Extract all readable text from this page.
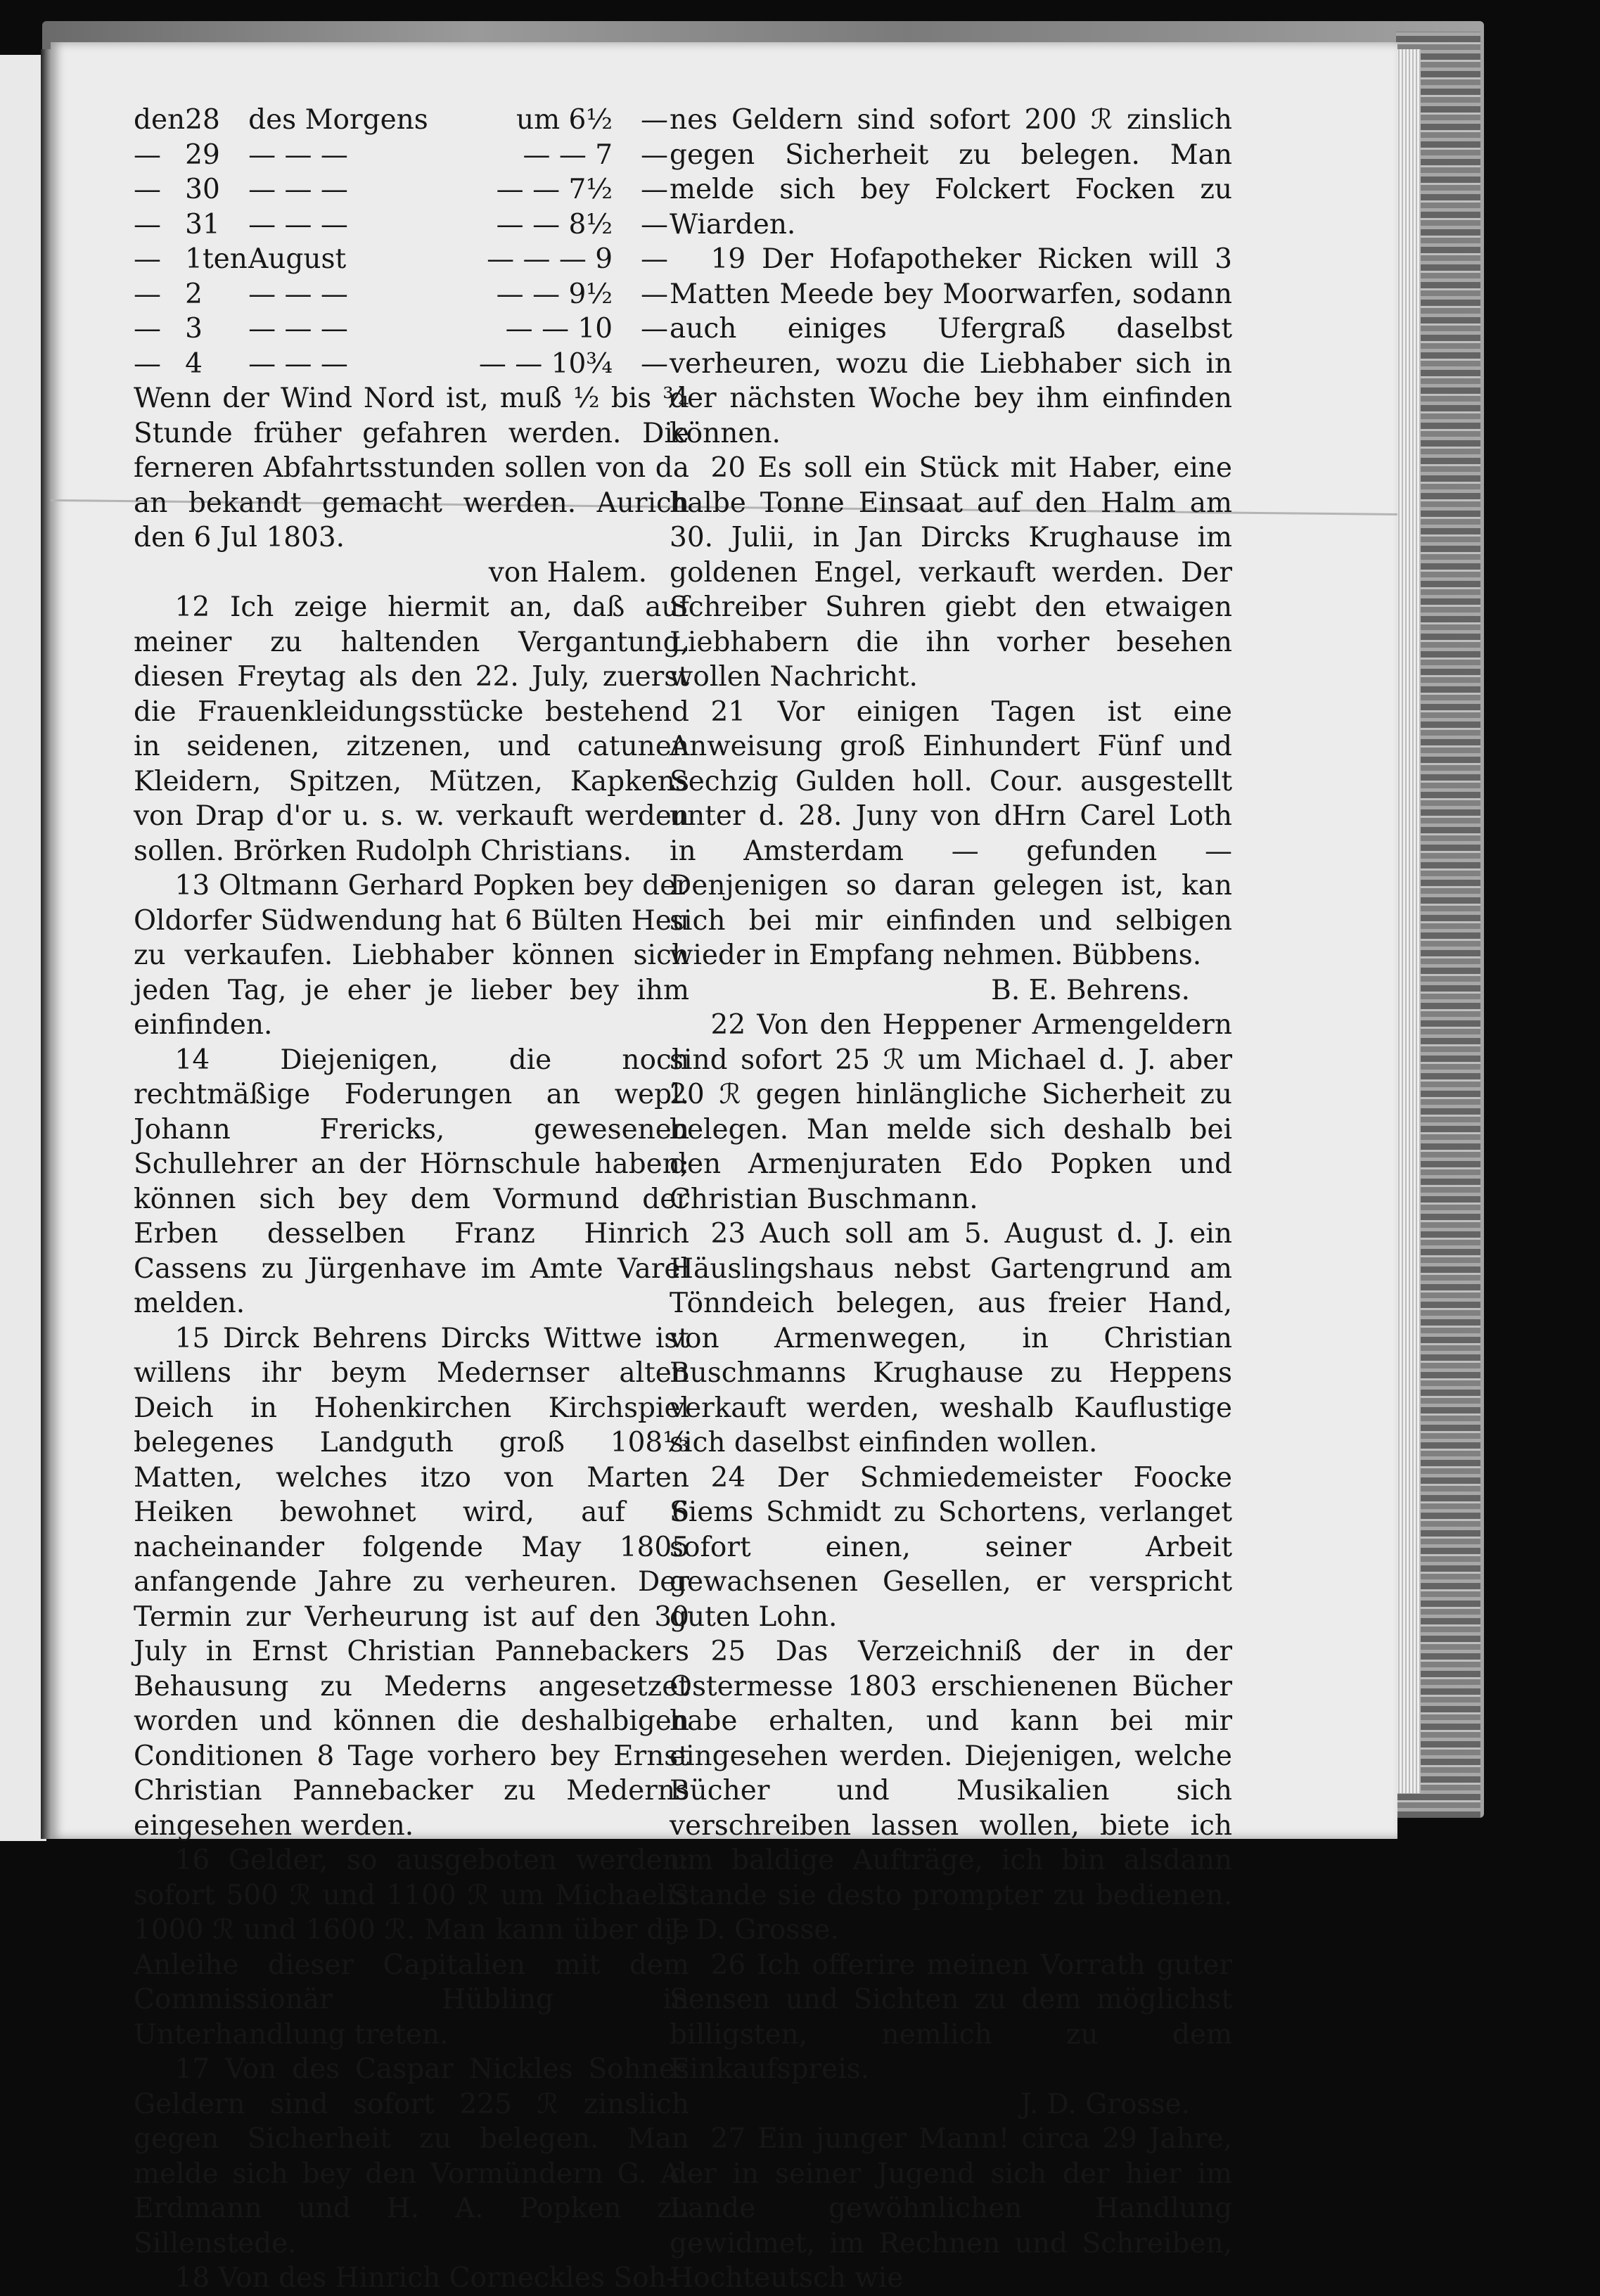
den	28	des Morgens	um 6½	—
—	29	— — —	— — 7	—
—	30	— — —	— — 7½	—
—	31	— — —	— — 8½	—
—	1ten	August	— — — 9	—
—	2	— — —	— — 9½	—
—	3	— — —	— — 10	—
—	4	— — —	— — 10¾	—

Wenn der Wind Nord ist, muß ½ bis ¾ Stunde früher gefahren werden. Die ferneren Abfahrtsstunden sollen von da an bekandt gemacht werden. Aurich den 6 Jul 1803.

von Halem.

12 Ich zeige hiermit an, daß auf meiner zu haltenden Vergantung, diesen Freytag als den 22. July, zuerst die Frauenkleidungsstücke bestehend in seidenen, zitzenen, und catunen Kleidern, Spitzen, Mützen, Kapkens von Drap d'or u. s. w. verkauft werden sollen. Brörken Rudolph Christians.

13 Oltmann Gerhard Popken bey der Oldorfer Südwendung hat 6 Bülten Heu zu verkaufen. Liebhaber können sich jeden Tag, je eher je lieber bey ihm einfinden.

14 Diejenigen, die noch rechtmäßige Foderungen an wepl. Johann Frericks, gewesenen Schullehrer an der Hörnschule haben; können sich bey dem Vormund der Erben desselben Franz Hinrich Cassens zu Jürgenhave im Amte Varel melden.

15 Dirck Behrens Dircks Wittwe ist willens ihr beym Medernser alten Deich in Hohenkirchen Kirchspiel belegenes Landguth groß 108⅓ Matten, welches itzo von Marten Heiken bewohnet wird, auf 6 nacheinander folgende May 1805 anfangende Jahre zu verheuren. Der Termin zur Verheurung ist auf den 30 July in Ernst Christian Pannebackers Behausung zu Mederns angesetzet worden und können die deshalbigen Conditionen 8 Tage vorhero bey Ernst Christian Pannebacker zu Mederns eingesehen werden.

16 Gelder, so ausgeboten werden: sofort 500 ℛ und 1100 ℛ um Michaelis 1000 ℛ und 1600 ℛ. Man kann über die Anleihe dieser Capitalien mit dem Commissionär Hübling in Unterhandlung treten.

17 Von des Caspar Nickles Sohnes Geldern sind sofort 225 ℛ zinslich gegen Sicherheit zu belegen. Man melde sich bey den Vormündern G. A. Erdmann und H. A. Popken zu Sillenstede.

18 Von des Hinrich Corneckles Soh-

nes Geldern sind sofort 200 ℛ zinslich gegen Sicherheit zu belegen. Man melde sich bey Folckert Focken zu Wiarden.

19 Der Hofapotheker Ricken will 3 Matten Meede bey Moorwarfen, sodann auch einiges Ufergraß daselbst verheuren, wozu die Liebhaber sich in der nächsten Woche bey ihm einfinden können.

20 Es soll ein Stück mit Haber, eine halbe Tonne Einsaat auf den Halm am 30. Julii, in Jan Dircks Krughause im goldenen Engel, verkauft werden. Der Schreiber Suhren giebt den etwaigen Liebhabern die ihn vorher besehen wollen Nachricht.

21 Vor einigen Tagen ist eine Anweisung groß Einhundert Fünf und Sechzig Gulden holl. Cour. ausgestellt unter d. 28. Juny von dHrn Carel Loth in Amsterdam — gefunden — Denjenigen so daran gelegen ist, kan sich bei mir einfinden und selbigen wieder in Empfang nehmen. Bübbens.

B. E. Behrens.

22 Von den Heppener Armengeldern sind sofort 25 ℛ um Michael d. J. aber 20 ℛ gegen hinlängliche Sicherheit zu belegen. Man melde sich deshalb bei den Armenjuraten Edo Popken und Christian Buschmann.

23 Auch soll am 5. August d. J. ein Häuslingshaus nebst Gartengrund am Tönndeich belegen, aus freier Hand, von Armenwegen, in Christian Buschmanns Krughause zu Heppens verkauft werden, weshalb Kauflustige sich daselbst einfinden wollen.

24 Der Schmiedemeister Foocke Siems Schmidt zu Schortens, verlanget sofort einen, seiner Arbeit gewachsenen Gesellen, er verspricht guten Lohn.

25 Das Verzeichniß der in der Ostermesse 1803 erschienenen Bücher habe erhalten, und kann bei mir eingesehen werden. Diejenigen, welche Bücher und Musikalien sich verschreiben lassen wollen, biete ich um baldige Aufträge, ich bin alsdann Stande sie desto prompter zu bedienen. J. D. Grosse.

26 Ich offerire meinen Vorrath guter Sensen und Sichten zu dem möglichst billigsten, nemlich zu dem Einkaufspreis.

J. D. Grosse.

27 Ein junger Mann! circa 29 Jahre, der in seiner Jugend sich der hier im Lande gewöhnlichen Handlung gewidmet, im Rechnen und Schreiben, Hochteutsch wie
